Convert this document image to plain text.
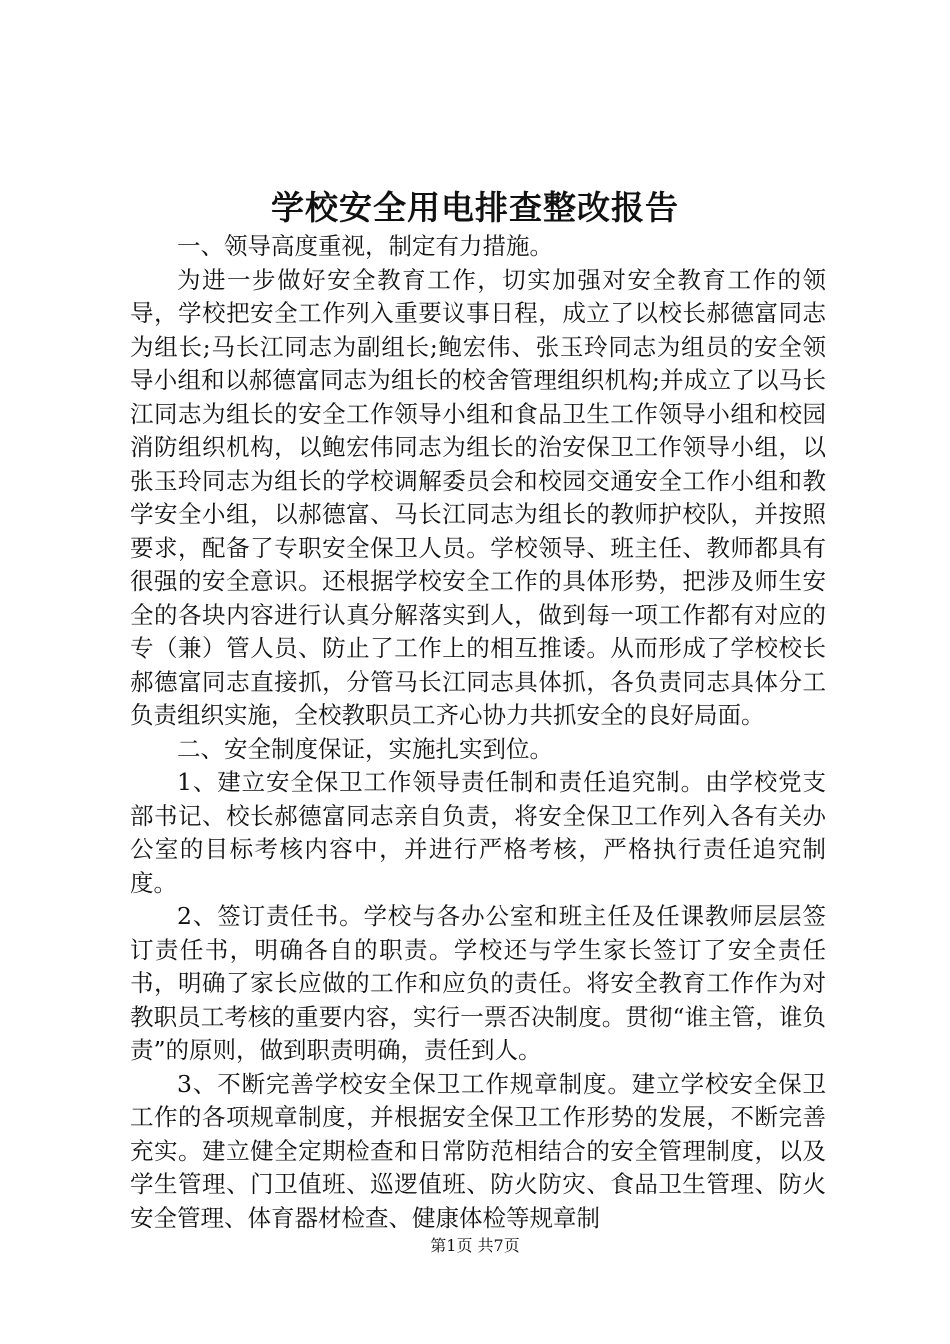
学校安全用电排查整改报告

一、领导高度重视，制定有力措施。

为进一步做好安全教育工作，切实加强对安全教育工作的领导，学校把安全工作列入重要议事日程，成立了以校长郝德富同志为组长;马长江同志为副组长;鲍宏伟、张玉玲同志为组员的安全领导小组和以郝德富同志为组长的校舍管理组织机构;并成立了以马长江同志为组长的安全工作领导小组和食品卫生工作领导小组和校园消防组织机构，以鲍宏伟同志为组长的治安保卫工作领导小组，以张玉玲同志为组长的学校调解委员会和校园交通安全工作小组和教学安全小组，以郝德富、马长江同志为组长的教师护校队，并按照要求，配备了专职安全保卫人员。学校领导、班主任、教师都具有很强的安全意识。还根据学校安全工作的具体形势，把涉及师生安全的各块内容进行认真分解落实到人，做到每一项工作都有对应的专（兼）管人员、防止了工作上的相互推诿。从而形成了学校校长郝德富同志直接抓，分管马长江同志具体抓，各负责同志具体分工负责组织实施，全校教职员工齐心协力共抓安全的良好局面。

二、安全制度保证，实施扎实到位。

1、建立安全保卫工作领导责任制和责任追究制。由学校党支部书记、校长郝德富同志亲自负责，将安全保卫工作列入各有关办公室的目标考核内容中，并进行严格考核，严格执行责任追究制度。

2、签订责任书。学校与各办公室和班主任及任课教师层层签订责任书，明确各自的职责。学校还与学生家长签订了安全责任书，明确了家长应做的工作和应负的责任。将安全教育工作作为对教职员工考核的重要内容，实行一票否决制度。贯彻“谁主管，谁负责”的原则，做到职责明确，责任到人。

3、不断完善学校安全保卫工作规章制度。建立学校安全保卫工作的各项规章制度，并根据安全保卫工作形势的发展，不断完善充实。建立健全定期检查和日常防范相结合的安全管理制度，以及学生管理、门卫值班、巡逻值班、防火防灾、食品卫生管理、防火安全管理、体育器材检查、健康体检等规章制

第1页 共7页
